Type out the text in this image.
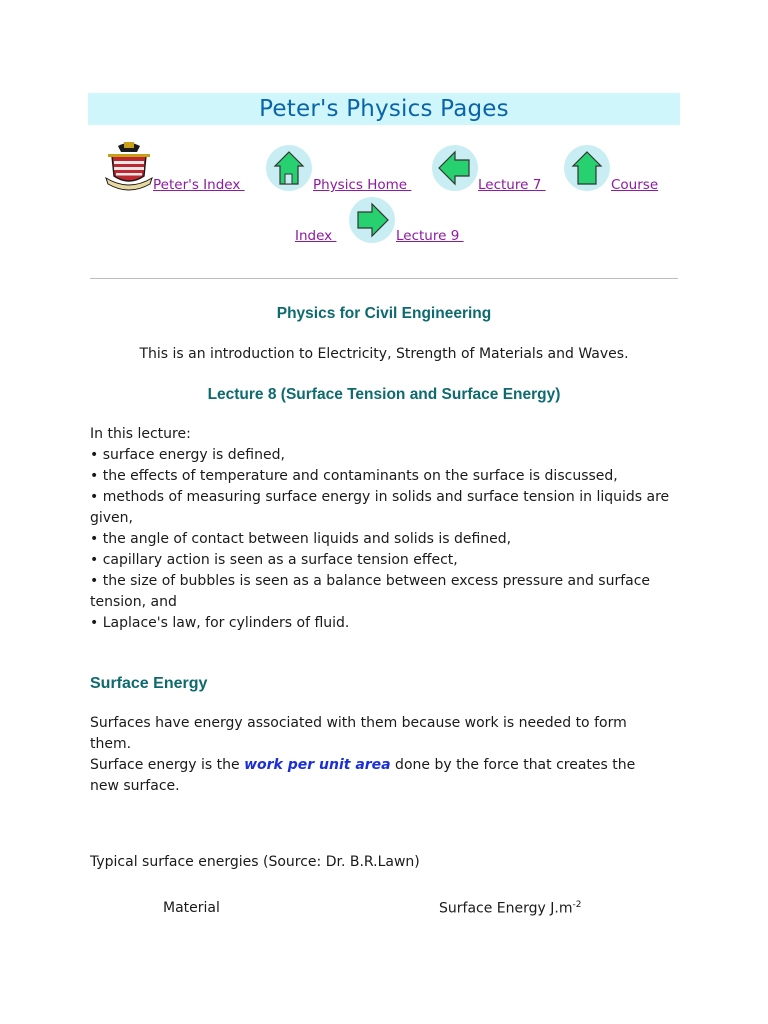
Peter's Physics Pages
Peter's Index	Physics Home	Lecture 7	Course
Index	Lecture 9
Physics for Civil Engineering
This is an introduction to Electricity, Strength of Materials and Waves.
Lecture 8 (Surface Tension and Surface Energy)
In this lecture:
• surface energy is defined,
• the effects of temperature and contaminants on the surface is discussed,
• methods of measuring surface energy in solids and surface tension in liquids are given,
• the angle of contact between liquids and solids is defined,
• capillary action is seen as a surface tension effect,
• the size of bubbles is seen as a balance between excess pressure and surface tension, and
• Laplace's law, for cylinders of fluid.
Surface Energy
Surfaces have energy associated with them because work is needed to form them.
Surface energy is the work per unit area done by the force that creates the new surface.
Typical surface energies (Source: Dr. B.R.Lawn)
Material	Surface Energy $J.m^{-2}$
